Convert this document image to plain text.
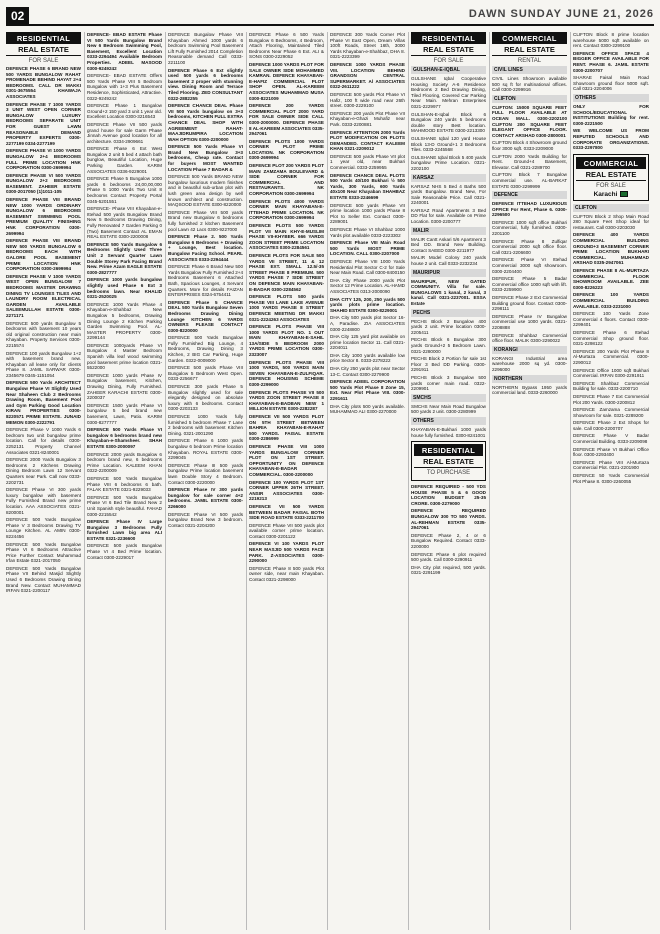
02	DAWN SUNDAY JUNE 21, 2026
RESIDENTIAL
REAL ESTATE
FOR SALE
DEFENCE PHASE 6 BRAND NEW 500 YARDS BUNGALOW RAHAT PROMENADE BEHIND HAYAT 2+4 BEDROOMS. CALL DR MAKKI 0301-3675554 KHAWAJA ASSOCIATES
DEFENCE PHASE 7 1000 YARDS 3 UNIT WEST OPEN CORNER BUNGALOW LUXURY BEDROOMS SEPARATE UNIT FOR GUEST LAWN REASONABLE DEMAND PROPERTY EXPERTS 0300-2277199 0334-2277199
DEFENCE PHASE VI 1000 YARDS BUNGALOW 2+4 BEDROOMS FULL PRIME LOCATION HNK CORPORATION 0300-2699994
DEFENCE PHASE VI 500 YARDS BUNGALOW 2+2 BEDROOMS BASEMENT. ZAHEER ESTATE 0300-2017050 (1)1011-105
DEFENCE PHASE VIII BRAND NEW 1000 YARDS ORDINARY BUNGALOW 6 BEDROOMS BASEMENT SWIMMING POOL PREMIUM QUALITY FINISHING HNK CORPORATION 0300-2699994
DEFENCE PHASE VIII BRAND NEW 500 YARDS BUNGALOW 6 BEDROOMS EACH WITH GALORE POOL BASEMENT PRIME LOCATION HNK CORPORATION 0300-2699994
DEFENCE PHASE V 1000 YARDS WEST OPEN BUNGALOW 7 BEDROOMS MASTER DRAWING DINING TV LOUNGES TILES AND LAUNDRY ROOM ELECTRICAL GARDEN AVAILABLE SALEEMULLAH ESTATE 0300-2271171
DEFENCE 500 yards Bungalow 5 bedrooms with basement 10 years old original construction near main Khayaban. Property Services 0300-2215574
DEFENCE 100 yards Bungalow 1+2 with basement brand new. Khayaban all lease only for clients Phase 8. JAMIL SARWAR 0300-2345679 0345-1151054
DEFENCE 500 Yards ARCHITECT Bungalow Phase VI Slightly Used Near Shaheen Club 2 Bedrooms Drawing Room, Basement Pool and Gym Parking Good Location KIRAN PROPERTIES 0300-8220571 PRIME ESTATE. JUNAID MEMON 0300-2222791
DEFENCE Phase V 1000 Yards 6 bedroom two unit bungalow prime location. Call for details 0300-2252131 Property Channel Associates 0321-8240001
DEFENCE 2000 Yards Bungalow 3 Bedrooms 2 Kitchens Drawing Dining Bedroom Lawn 12 Servant Quarters near Park. Call now 0333-2202731
DEFENCE Phase VI 300 yards luxury bungalow with basement Fully Furnished Brand new prime location. AAA ASSOCIATES 0321-8200001
DEFENCE 500 Yards Bungalow Phase V 3 Bedrooms Drawing TV Lounge Kitchen. AL AMIN 0300-8224456
DEFENCE 500 Yards Bungalow Phase VI 6 Bedrooms Attractive Price Further Contact Muhammad Irfan Estate 0321-2017050
DEFENCE 500 Yards Bungalow Phase VII Behind Masjid Slightly Used 6 Bedrooms Drawing Dining Brand New. Contact MUHAMMAD IRFAN 0321-2200117
DEFENCE- EBAD ESTATE Phase VI 500 Yards Bungalow Brand New 6 Bedroom Swimming Pool, Basement, Excellent Location 0333-2294494 Available Bedroom Properties. ADEEL MASOOD 0300-9249242
DEFENCE- EBAD ESTATE Offers 500 Yards Phase VIII 5 Bedroom Bungalow with 1+3 Plus Basement Residence, Sophisticated, Attractive. 0322-9249242
DEFENCE Phase 1 Bungalow Ground+2 150 yard 3 unit 1 year old. Excellent Location 0300-3216543
DEFENCE Phase VII 500 yards grand house for sale Garm Phase Jinnah Avenue good location for all architecture. 0334-2909661
DEFENCE Phase 6 Ext West Bungalow 2 unit 5 bed 4 attach bath bunglow, Beautiful Location, Huge Parking Garden. KARIM ASSOCIATES 0336-9229001
DEFENCE Phase 5 Bungalow 1000 yards 6 bedrooms 24,00,00,000 Phase 5 1000 Yards Two Unit 8 bedrooms Contact Property Portal 0345-5201551
DEFENCE- Phase VIII Khayaban-e-Ittehad 500 yards Bungalow Brand New 5 Bedrooms Drawing Dining, Fully Renovated 7 Garden Parking 0 (Two) Basement Contact AL EMAN REAL ESTATE 0300-2200008
DEFENCE 500 Yards Bungalow 6 Bedrooms Slightly Used Three Unit 2 Servant Quarter Lawn Double Storey Park Facing Brand New. Prime Azam EAGLE ESTATE 0300-2827777
DEFENCE 1000 yards bungalow slightly used Phase 6 Ext 3 bedrooms lawn. Near KHALID 0321-2520025
DEFENCE 1000 Yards Phase 4 Khayaban-e-Shahbaz New Bungalow 5 bedrooms, Drawing Dining Lounge 2 Kitchen Parking Garden Swimming Pool. AL-MASTER PROPERTY 0300-2299144
DEFENCE 1000yards Phase VI Bungalow 4 Master Bedroom Spanish villa leaf wood swimming pool basement prime location 0321-5522000
DEFENCE 1000 yards Phase IV Bungalow basement, Kitchen, Drawing Dining, Fully Furnished. ZAHEER KARACHI ESTATE 0300-2200037
DEFENCE 1500 yards Phase VI bungalow 5 bed brand new basement, Lawn, Patio. KARIM 0300-8277777
DEFENCE 500 Yards Phase VI bungalow 6 bedrooms brand new Khayaban-e-Shamsheer. SHAH ESTATE 0300-2000097
DEFENCE 2000 yards Bungalow 6 bedroom brand new, 6 bedrooms Prime Location. KALEEM KHAN 0322-2200009
DEFENCE 500 Yards Bungalow Phase VIII 6 bedrooms 6 bath. FALAK ESTATE 0321-9229033
DEFENCE 500 Yards Bungalow Phase VI 6 Bed Tile Brand New 2 Unit Spanish style beautiful. FAHAD 0300-2215542
DEFENCE Phase IV Large Bungalow 3 Bedrooms Fully furnished Lawn big area ALI ESTATE 0321-2236600
DEFENCE 500 yards Bungalow Phase VI 4 Bed Prime location. Contact 0300-2229017
DEFENCE Bungalow Phase VIII Khayaban Ahmed 1000 yards 6 bedroom Swimming Pool Basement Lift Fully Furnished 2014 Completion Reasonable demand Call 0333-2211100
DEFENCE Phase 6 Ext slightly used 500 yards 6 bedrooms basement 2 proper with stunning view. Dining Room and Terrace Tiled Flooring. ZED CONSULTANT 0322-2882255
DEFENCE CHANCE DEAL Phase VII 500 Yards bungalow on 3+3 bedrooms, KITCHEN FULL EXTRA CHANCE DEAL SHOP WITH AGREEMENT RAHAT-MAAJIDRUMPIRA LOCATION WAH OPTION 0300-2200000
DEFENCE 500 Yards Phase VI Brand New Bungalow 3+3 bedrooms, Cheap rate. Contact for buyers MOST WANTED LOCATION Phase 7 BADAR &
DEFENCE 500 Yards BRAND NEW bungalow luxurious modern finishes and in beautiful sub-urban plot with lush green area design by well known architect and construction. MAQSOOD ESTATE 0300-8220000
DEFENCE Phase VIII 500 yards Brand new Bungalow 6 bedrooms fully furnished 2 kitchen Basement pool Lawn 42 Lacs 0300-9227000
DEFENCE Phase 2. 500 Yards Bungalow 6 Bedrooms + Drawing + Lounge, Best location. Bungalow Facing School. PEARL ASSOCIATES 0333-2294444
DEFENCE Phase 6 Brand New 500 Yards Bungalow Fully Furnished 2+4 Bedrooms Basement 6 Attached Bath, Spacious Lounges, 4 Servant Quarters. More for details FAIZAN ENTERPRISES 0324-6754411
DEFENCE Phase 5 CHANCE DEAL 500 Yards Bungalow Seven Bedrooms Drawing Dining Lounge KITCHEN 6 YARDS OWNERS PLEASE CONTACT 0300-8220000
DEFENCE 500 Yards Bungalow Fully Furnished Big Lounge, 4 Bedrooms, Drawing Dining 3 Kitchen, 2 BIG Car Parking, Huge Garden. 0322-0009000
DEFENCE 500 yards Phase VIII Bungalow 5 Bedroom West Open. 0333-2256677
DEFENCE 300 yards Phase 5 Bungalow slightly used for sale elegantly designed on absolute luxury with 6 bedrooms. Contact 0300-2203133
DEFENCE 1000 Yards fully furnished 5 bedroom Phase 7 Lane 2 bedrooms with basement Kitchen Dining. 0321-2001290
DEFENCE Phase 6 1000 yards bungalow 6 bedroom Prime location Khayaban. ROYAL ESTATE 0300-2299045
DEFENCE Phase III 500 yards bungalow Prime location basement lawn Double Story 4 Bedroom. Contact 0300-2220000
DEFENCE Phase IV 300 yards bungalow for sale corner 4+2 bedrooms. JAMIL ESTATE 0300-2266000
DEFENCE Phase VI 500 yards bungalow Brand New 3 bedroom. Contact 0321-2204200
DEFENCE Phase 6 500 Yards Bungalow 6 Bedrooms, 4 Bedroom, Attach Flooring, Maintained Tiled Bedrooms Near Phase 6 Ext. ALI & SONS 0300-2229052
DEFENCE 1000 YARDS PLOT FOR SALE OWNER SIDE MOHAMMED KAMRAN. DEFENCE KHAYABAN-E-HAFIZ COMMERCIAL PLOT SHOP OPEN. AL-KAREEM ASSOCIATES MUHAMMAD MUSA 0300-8221009
DEFENCE 200 YARDS COMMERCIAL PLOT 2000 YARD FOR SALE OWNER SIDE CALL 0300-2000000. DEFENCE PHASE 8 AL-KAREEM ASSOCIATES 0335-2947061
DEFENCE PLOTS 1000 YARDS CORNER PLOT PRIME LOCATION. NK CORPORATION 0300-2699994
DEFENCE PLOT 200 YARDS PLOT MAIN ZAMZAMA BOULEVARD & SIDE CORNER FOR COMMERCIAL AND RESTAURANTS. NK CORPORATION 0300-2699994
DEFENCE PLOTS 4000 YARDS CORNER MAIN KHAYABAN-E-ITTEHAD PRIME LOCATION. NK CORPORATION 0300-2699994
DEFENCE PLOTS 500 YARDS PLOT VII MAIN KHY-E-MUSLIM PHASE VII-KHYBER. 666 YARDS ZOON STREET PRIME LOCATION ASSOCIATES 0300-2284561
DEFENCE PLOTS FOR SALE 500 YARDS VII STREET, 11 & 12 PHASE EXT. SMALL 12.5/-35 STREET PHASE 8 PREMIUM. 500 YARDS PHASE 7 SIDE STREET ON DEFENCE MAIN KHAYABAN-E-BADAR 0300-2284562
DEFENCE PLOTS 500 yards PHASE VIII LANE LAKE AVENUE 1000 YARDS PHASE 8 STREET DEFENCE MEETING DR MAKKI 0321-2224263 ASSOCIATES
DEFENCE PLOTS PHASE VIII 1000 YARDS PLOT NO. 1 OUT MAIN KHAYABAN-E-SAHIL 13A/SIDE 5 BEDROOM 2000 YARDS PRIME LOCATION 0300-2323007
DEFENCE PLOTS PHASE VIII 1000 YARDS, 500 YARDS MAIN SEVEN KHAYABAN-E-ZULFIQAR. DEFENCE HOUSING SCHEME 0300-2299000
DEFENCE PLOTS PHASE VII 500 YARDS ZOON STREET PHASE 8 KHAYABAN-E-BADBAN NEW 1 MILLION ESTATE 0300-2282287
DEFENCE VII 500 YARDS PLOT ON 5TH STREET BETWEEN BAHRIA KHAYABAN-E-RAHAT 500 YARDS. FAISAL ESTATE 0300-2286999
DEFENCE PHASE VIII 1000 YARDS BUNGALOW CORNER PLOT ON 1ST STREET. OPPORTUNITY ON DEFENCE KHAYABAN-E-BADAR COMMERCIAL. 0300-2200000
DEFENCE 100 YARDS PLOT 1ST CORNER UPPER 26TH STREET. ANSIR ASSOCIATES 0300-2219213
DEFENCE VII 500 YARDS BETWEEN BADAR FAISAL BOTH SIDE ROAD ESTATE 0333-2211700
DEFENCE Phase VII 500 yards plot available corner prime location. Contact 0300-2201122
DEFENCE VI 100 YARDS PLOT NEAR MASJID 500 YARDS FACE PARK. Z-ASSOCIATES 0300-2290000
DEFENCE Phase 8 500 yards Plot owner side, near main Khayaban. Contact 0321-2298000
DEFENCE 300 Yards Corner Plot Phase VI East Open, Dream Villas 100ft Roads, Street 16th, 3000 Yards Khayaban-e-Shahbaz, DHA 8. 0321-2223399
DEFENCE 1000 YARDS PHASE VIII. LOCATION BEHIND GRANDSON CENTRAL SUPERMARKET. Al ASSOCIATES 0322-2611222
DEFENCE 500 yards Plot Phase VI Hafiz, 100 ft wide road near 26th street. 0300-2229100
DEFENCE 200 yards Plot Phase VII Khayaban-e-Ghazi Muhafiz near Park. 0333-2200881
DEFENCE ATTENTION 2000 Yards PLOT MODIFICATION ON PLOTS DEMANDED. CONTACT KALEEM KHAN 0321-2209012
DEFENCE 500 yards Phase VII plot 1 year old, near Bukhari Commercial. 0333-2259955
DEFENCE CHANCE DEAL PLOTS 500 Yards 40/100 Bukhari ½ 500 Yards, 300 Yards, 600 Yards 40x100 Near Khayaban SHAHBAZ ESTATE 0333-2246699
DEFENCE 500 yards Phase VII prime location 1000 yards Phase 8 Plot to Seller Ext. Contact 0300-2289001
DEFENCE Phase VI Shahbaz 1000 Yards plot available 0333-2223302
DEFENCE Phase VIII Main Road 500 Yards MOST PRIME LOCATION. CALL 0300-2207000
DEFENCE Phase VIII 1000 Yards Residential Plot Sector C-2 for Sale Near Main Road. Call 0300-8400150
DHA City Phase 2000 yards Plot Sector 12 Prime Location. AL-HAMD ASSOCIATES 0313-2000090
DHA CITY 125, 200, 250 yards 500 yards plots prime location. SHAHID ESTATE 0300-8229001
DHA City 500 yards plot Sector 16-A, Paradise. ZIA ASSOCIATES 0300-2248800
DHA City 125 yard plot available on prime location Sector 11. Call 0321-2204011
DHA City 1000 yards available low price Sector 8. 0333-2278222
DHA City 250 yards plot near Sector 13-C. Contact 0300-2279900
DEFENCE ADEEL CORPORATION 500 Yards Plot Phase 8 Zone 15, Ext. Near Plot Phase VIII. 0300-2291611
DHA City plots 500 yards available. MUHAMMAD ALI 0300-2270000
RESIDENTIAL
REAL ESTATE
FOR SALE
GULSHAN-E-IQBAL
GULSHANE Iqbal Cooperative Housing Society A-6 Residence Bedrooms 2 Bed Drawing Dining, Tiled Flooring, Covered Car Parking Near Main. Mehran Enterprises 0321-2229977
GULSHAN-E-Iqbal Block 6 Bungalow 240 yards 5 bedrooms double story Best location. MAHMOOD ESTATE 0300-2213300
GULSHANE Iqbal 120 yard House Block 13-D Ground+1 3 Bedrooms Tiles. 0333-2245568
GULSHANE Iqbal Block 5 400 yards bungalow Prime Location. 0321-2202100
KARSAZ
KARSAZ NHS 5 Bed 4 Baths 500 yards Bungalow. Brand New, For Sale Reasonable Price. Call 0321-2240001
KARSAZ Road Apartments 3 Bed DD Flat for sale. Available on Prime Location. 0300-2200777
MALIR
MALIR Cantt Askari 5/6 Apartment 3 Bed DD. Brand New Building. Contact SAEED 0300-2211977
MALIR Model Colony 240 yards house 2 unit. Call 0333-2232234
MAURIPUR
MAURIPUR, NEW GATED COMMUNITY. Villa for sale. BUNGALOWS 1 kanal, 2 kanal, 3 kanal. Call 0321-2237001. ESSA Estate
PECHS
PECHS Block 2 Bungalow 400 yards 2 unit. Prime location 0300-2205411
PECHS Block 6 Bungalow 300 yards Ground+2 5 Bedroom Lawn. 0321-2280000
PECHS Block 2 Portion for sale 1st Floor 3 Bed DD Parking. 0300-2291911
PECHS Block 3 Bungalow 500 yards corner main road. 0322-2209901
SMCHS
SMCHS Near Main Road Bungalow 500 yards 2 unit. 0300-2280999
OTHERS
KHAYABAN-E-Bukhari 1000 yards house fully furnished. 0300-8241001
RESIDENTIAL
REAL ESTATE
TO PURCHASE
DEFENCE REQUIRED - 500 YDS HOUSE PHASE 5 & 6 GOOD LOCATION BUDGET 25-35 CRORE. 0300-2279000
DEFENCE REQUIRED BUNGALOW 300 TO 500 YARDS. AL-REHMAN ESTATE 0335-2947061
DEFENCE Phase 2, 4 or 6 Bungalow Required. Contact 0333-2200000
DEFENCE Phase 6 plot required 500 yards. Call 0300-2290911
DHA City plot required, 500 yards. 0321-2291199
COMMERCIAL
REAL ESTATE
RENTAL
CIVIL LINES
CIVIL Lines Showroom available 500 sq ft for multinational offices. Call 0300-2299916
CLIFTON
CLIFTON: 15000 SQUARE FEET FULL FLOOR AVAILABLE AT OCEAN MALL. 0300-2202100 CLIFTON 200 SQUARE FEET ELEGANT OFFICE FLOOR. CONTACT ARSHAD 0300-2800001
CLIFTON Block 4 Showroom ground floor 3000 sqft. 0333-2209000
CLIFTON 2000 Yards Building for Rent. Ground+4 Basement, Elevator. Call 0321-2289700
CLIFTON Block 7 Bungalow commercial use. AL-BARKAT ESTATE 0300-2299999
DEFENCE
DEFENCE ITTEHAD LUXURIOUS OFFICE For Rent, Phase 6. 0300-2296500
DEFENCE 1000 sqft office Bukhari Commercial, fully furnished. 0300-2201100
DEFENCE Phase 8 Zulfiqar Commercial 2000 sqft office floor. Call 0321-2206600
DEFENCE Phase VI Ittehad Commercial 3000 sqft showroom. 0300-2204400
DEFENCE Phase 5 Badar Commercial office 1000 sqft with lift. 0333-2259900
DEFENCE Phase 2 Ext Commercial Building ground floor. Contact 0300-2298111
DEFENCE Phase IV Bungalow commercial use 1000 yards. 0321-2208888
DEFENCE Shahbaz Commercial office floor. MALIK 0300-2290022
KORANGI
KORANGI Industrial area warehouse 2000 sq yd. 0300-2296000
NORTHERN
NORTHERN Bypass 1950 yards commercial land. 0333-2260000
CLIFTON Block 8 prime location warehouse 5000 sqft available on rent. Contact 0300-2299100
DEFENCE OFFICE SPACE 4 BIGGER OFFICE AVAILABLE FOR RENT. PHASE 6. JAMIL ESTATE 0300-2200707
SHARAE Faisal Main Road Showroom ground floor 5000 sqft. Call 0321-2204006
OTHERS
ONLY FOR SCHOOL/EDUCATIONAL INSTITUTIONS Building for rent. 0300-2221500
WE WELCOME US FROM REPUTED SCHOOLS AND CORPORATE ORGANIZATIONS. 0333-2297800
COMMERCIAL
REAL ESTATE
FOR SALE
Karachi
CLIFTON
CLIFTON Block 2 Shop Main Road 280 Square Feet Shop ideal for restaurant. Call 0300-2203030
DEFENCE 400 YARDS COMMERCIAL BUILDING GROUND+3 BASEMENT CORNER PRIME LOCATION BUKHARI COMMERCIAL. MUHAMMAD ARSHAD 0335-2947061
DEFENCE PHASE 8 AL-MURTAZA COMMERCIAL FLOOR SHOWROOM AVAILABLE. ZEE 0300-8226223
DEFENCE 100 YARDS COMMERCIAL BUILDING AVAILABLE. 0333-2231000
DEFENCE 100 Yards Zone Commercial 4 floors. Contact 0300-2299401
DEFENCE Phase 6 Ittehad Commercial Shop ground floor. 0321-2298122
DEFENCE 200 Yards Plot Phase 8 Al-Murtaza Commercial. 0300-2290012
DEFENCE Office 1000 sqft Bukhari Commercial. IRFAN 0300-2291911
DEFENCE Shahbaz Commercial Building for sale. 0333-2200710
DEFENCE Phase 7 Ext Commercial Plot 200 Yards. 0300-2200812
DEFENCE Zamzama Commercial Showroom for sale. 0321-2289200
DEFENCE Phase 2 Ext Shops for sale. Call 0300-2200707
DEFENCE Phase V Badar Commercial Building. 0333-2209098
DEFENCE Phase VI Bukhari Office floor. 0300-2293400
DEFENCE Phase VIII Al-Murtaza Commercial Plot. 0321-2201900
DEFENCE 50 Yards Commercial Plot Phase 8. 0300-2260055
